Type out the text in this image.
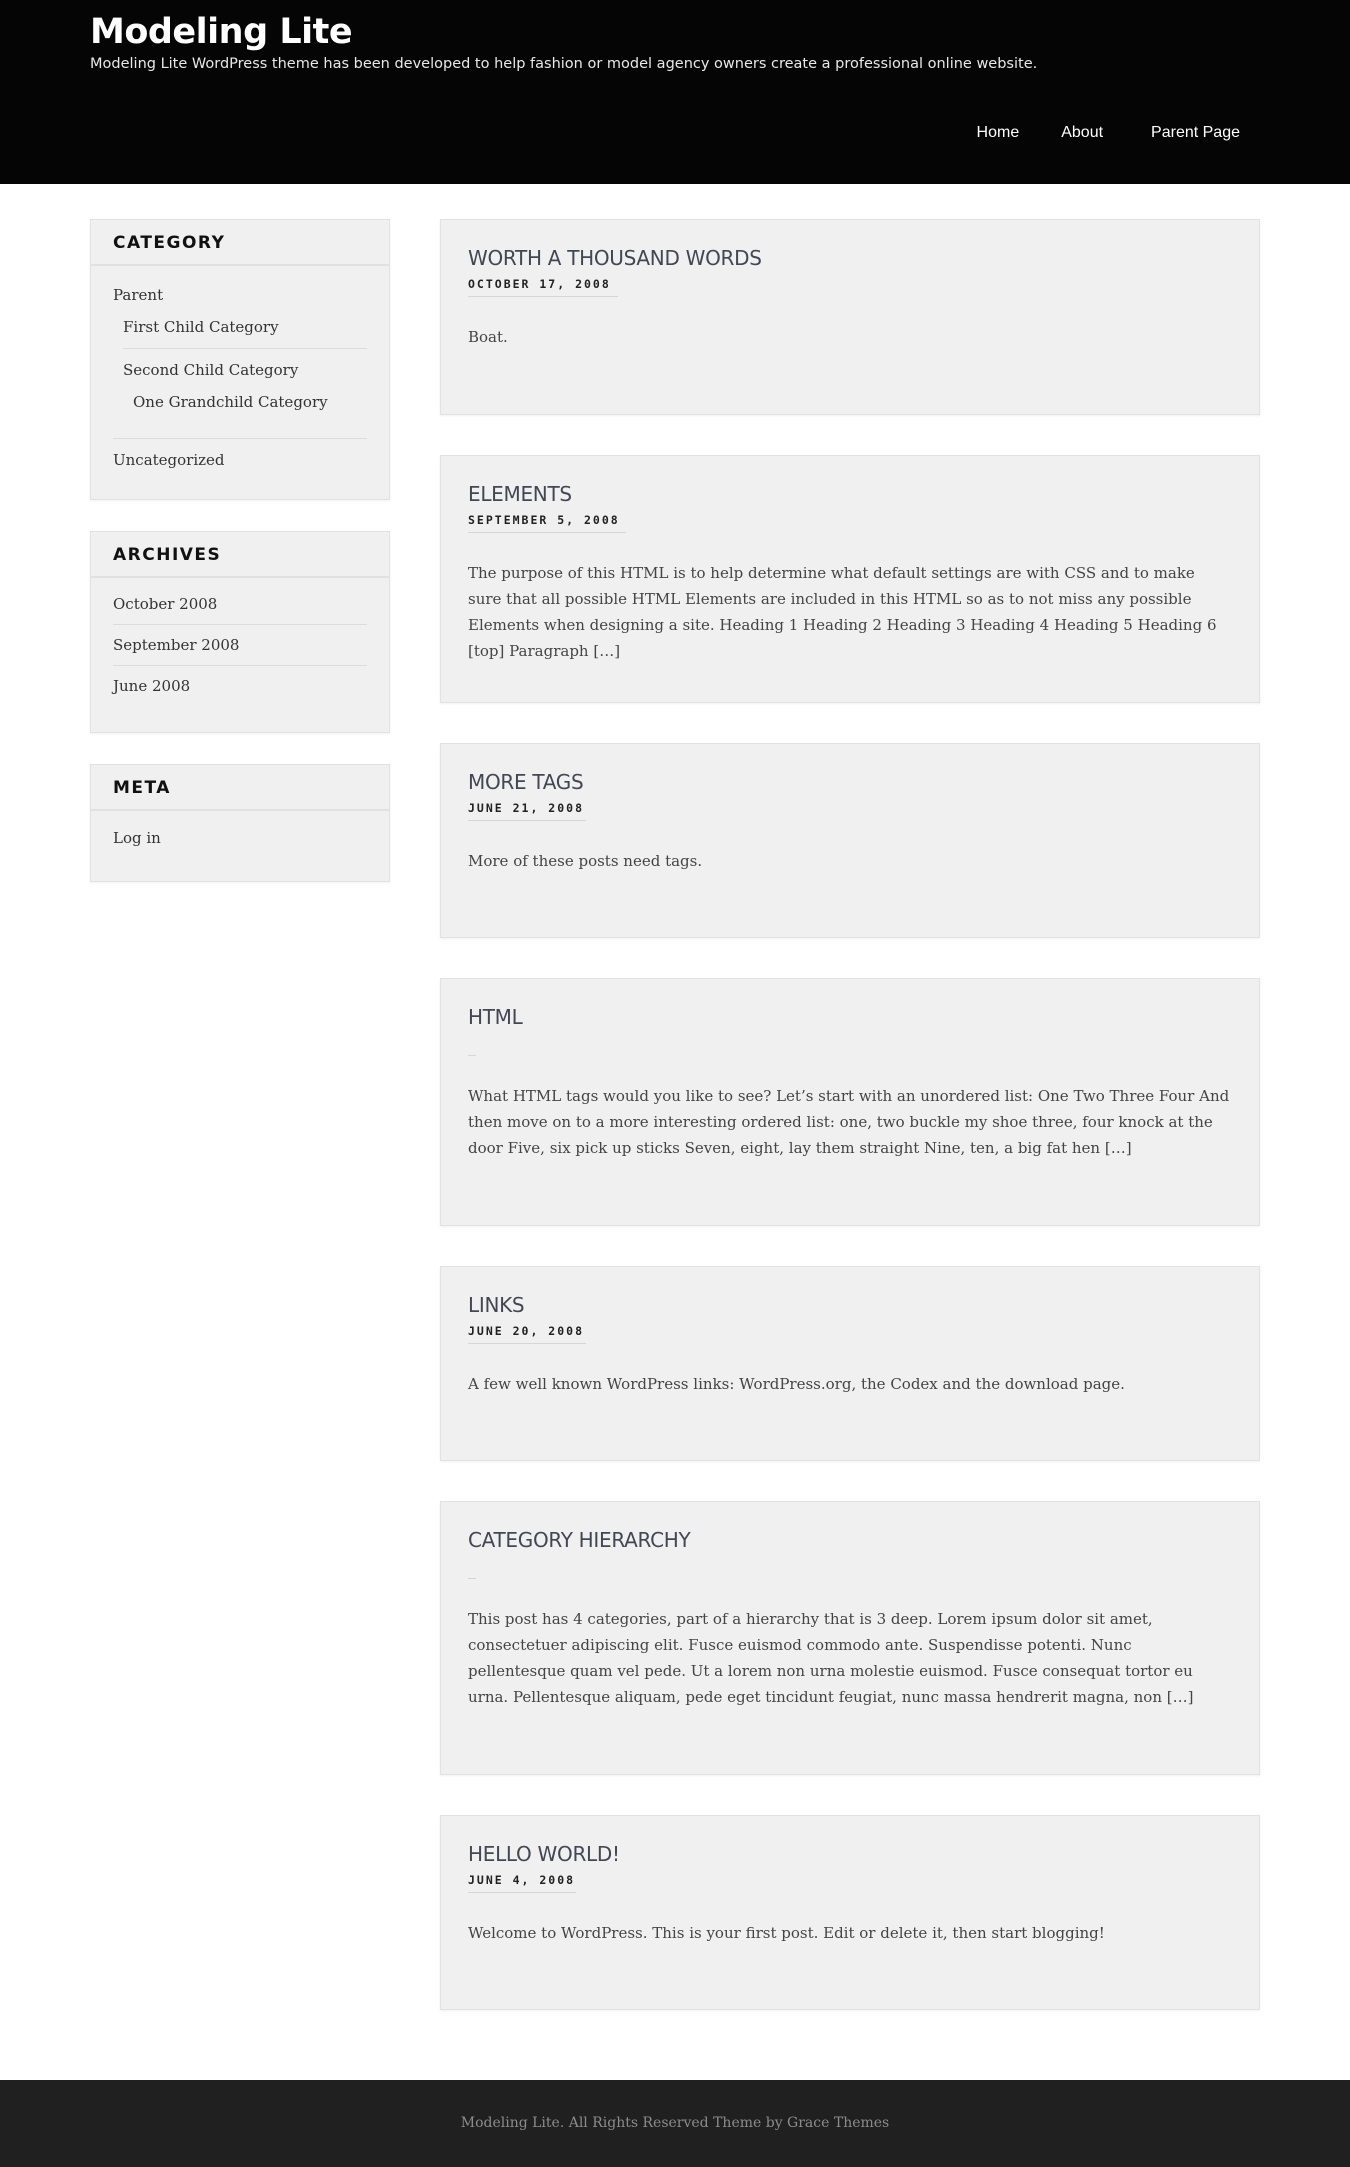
Modeling Lite
Modeling Lite WordPress theme has been developed to help fashion or model agency owners create a professional online website.
Home	About	Parent Page
CATEGORY
Parent
First Child Category
Second Child Category
One Grandchild Category
Uncategorized
ARCHIVES
October 2008
September 2008
June 2008
META
Log in
WORTH A THOUSAND WORDS
OCTOBER 17, 2008

Boat.

ELEMENTS
SEPTEMBER 5, 2008

The purpose of this HTML is to help determine what default settings are with CSS and to make sure that all possible HTML Elements are included in this HTML so as to not miss any possible Elements when designing a site. Heading 1 Heading 2 Heading 3 Heading 4 Heading 5 Heading 6 [top] Paragraph […]

MORE TAGS
JUNE 21, 2008

More of these posts need tags.

HTML

What HTML tags would you like to see? Let’s start with an unordered list: One Two Three Four And then move on to a more interesting ordered list: one, two buckle my shoe three, four knock at the door Five, six pick up sticks Seven, eight, lay them straight Nine, ten, a big fat hen […]

LINKS
JUNE 20, 2008

A few well known WordPress links: WordPress.org, the Codex and the download page.

CATEGORY HIERARCHY

This post has 4 categories, part of a hierarchy that is 3 deep. Lorem ipsum dolor sit amet, consectetuer adipiscing elit. Fusce euismod commodo ante. Suspendisse potenti. Nunc pellentesque quam vel pede. Ut a lorem non urna molestie euismod. Fusce consequat tortor eu urna. Pellentesque aliquam, pede eget tincidunt feugiat, nunc massa hendrerit magna, non […]

HELLO WORLD!
JUNE 4, 2008

Welcome to WordPress. This is your first post. Edit or delete it, then start blogging!

Modeling Lite. All Rights Reserved Theme by Grace Themes
